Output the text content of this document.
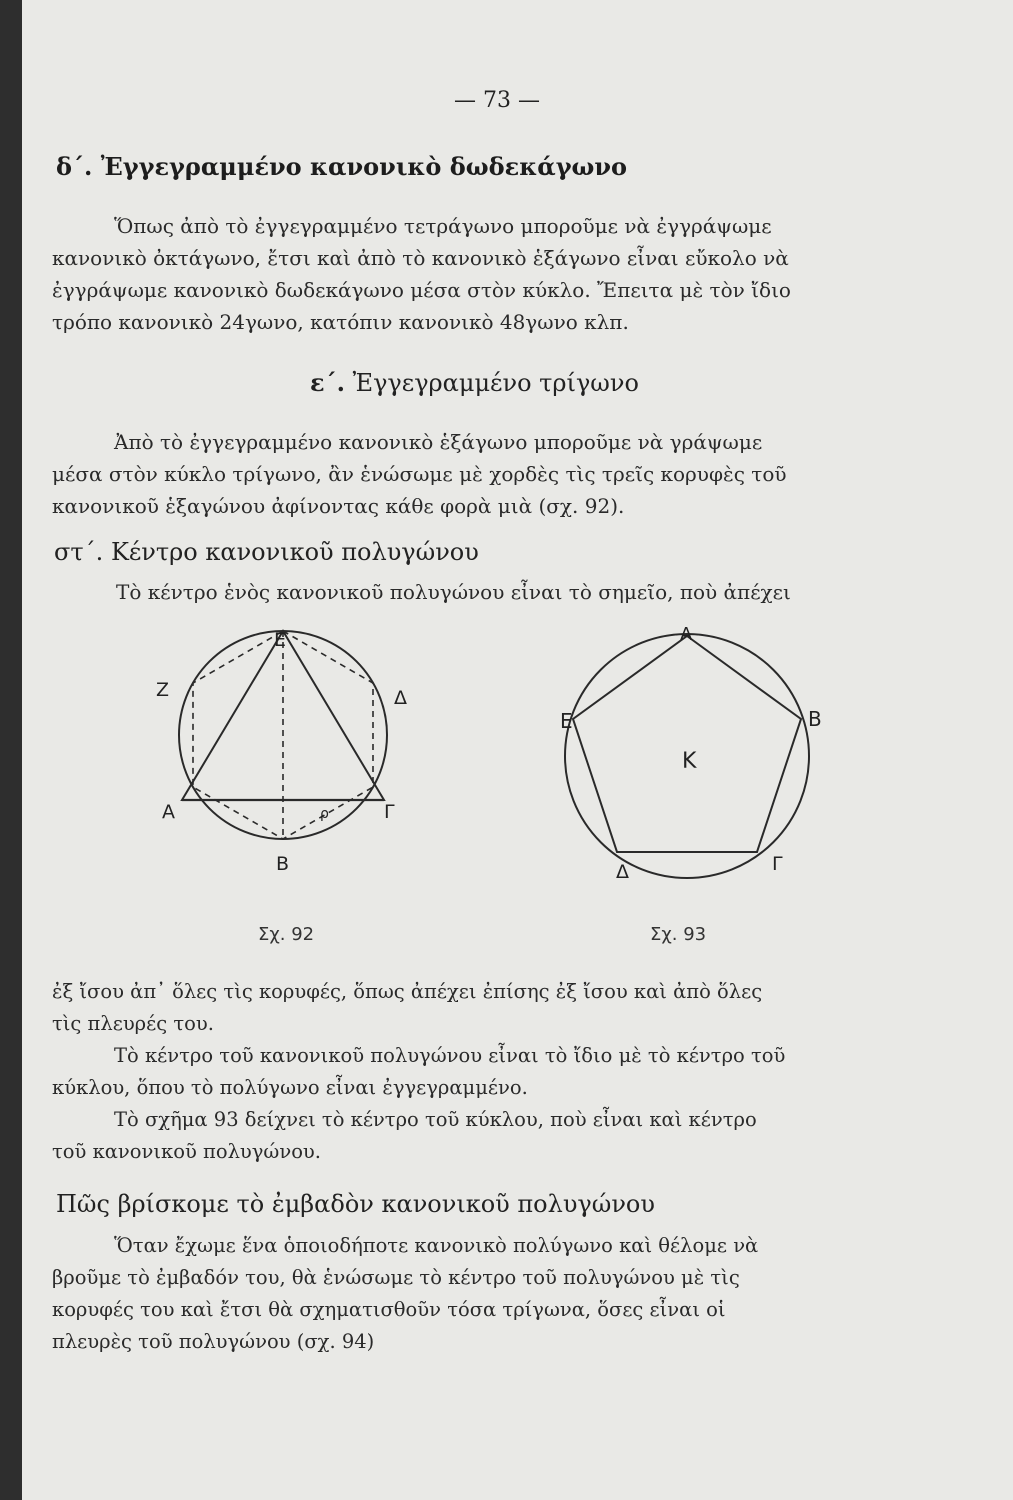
— 73 —
δ΄. Ἐγγεγραμμένο κανονικὸ δωδεκάγωνο

Ὅπως ἀπὸ τὸ ἐγγεγραμμένο τετράγωνο μποροῦμε νὰ ἐγγράψωμε

κανονικὸ ὀκτάγωνο, ἔτσι καὶ ἀπὸ τὸ κανονικὸ ἑξάγωνο εἶναι εὔκολο νὰ

ἐγγράψωμε κανονικὸ δωδεκάγωνο μέσα στὸν κύκλο. Ἔπειτα μὲ τὸν ἴδιο

τρόπο κανονικὸ 24γωνο, κατόπιν κανονικὸ 48γωνο κλπ.

ε΄. Ἐγγεγραμμένο τρίγωνο

Ἀπὸ τὸ ἐγγεγραμμένο κανονικὸ ἑξάγωνο μποροῦμε νὰ γράψωμε

μέσα στὸν κύκλο τρίγωνο, ἂν ἑνώσωμε μὲ χορδὲς τὶς τρεῖς κορυφὲς τοῦ

κανονικοῦ ἑξαγώνου ἀφίνοντας κάθε φορὰ μιὰ (σχ. 92).

στ΄. Κέντρο κανονικοῦ πολυγώνου

Τὸ κέντρο ἑνὸς κανονικοῦ πολυγώνου εἶναι τὸ σημεῖο, ποὺ ἀπέχει

Ε
Ζ	Δ
Α	Γ
Β
ρ
Σχ. 92
Α
Ε	Β
Δ	Γ
Κ
Σχ. 93

ἐξ ἴσου ἀπ᾿ ὅλες τὶς κορυφές, ὅπως ἀπέχει ἐπίσης ἐξ ἴσου καὶ ἀπὸ ὅλες

τὶς πλευρές του.

Τὸ κέντρο τοῦ κανονικοῦ πολυγώνου εἶναι τὸ ἴδιο μὲ τὸ κέντρο τοῦ

κύκλου, ὅπου τὸ πολύγωνο εἶναι ἐγγεγραμμένο.

Τὸ σχῆμα 93 δείχνει τὸ κέντρο τοῦ κύκλου, ποὺ εἶναι καὶ κέντρο

τοῦ κανονικοῦ πολυγώνου.

Πῶς βρίσκομε τὸ ἐμβαδὸν κανονικοῦ πολυγώνου

Ὅταν ἔχωμε ἕνα ὁποιοδήποτε κανονικὸ πολύγωνο καὶ θέλομε νὰ

βροῦμε τὸ ἐμβαδόν του, θὰ ἑνώσωμε τὸ κέντρο τοῦ πολυγώνου μὲ τὶς

κορυφές του καὶ ἔτσι θὰ σχηματισθοῦν τόσα τρίγωνα, ὅσες εἶναι οἱ

πλευρὲς τοῦ πολυγώνου (σχ. 94)
